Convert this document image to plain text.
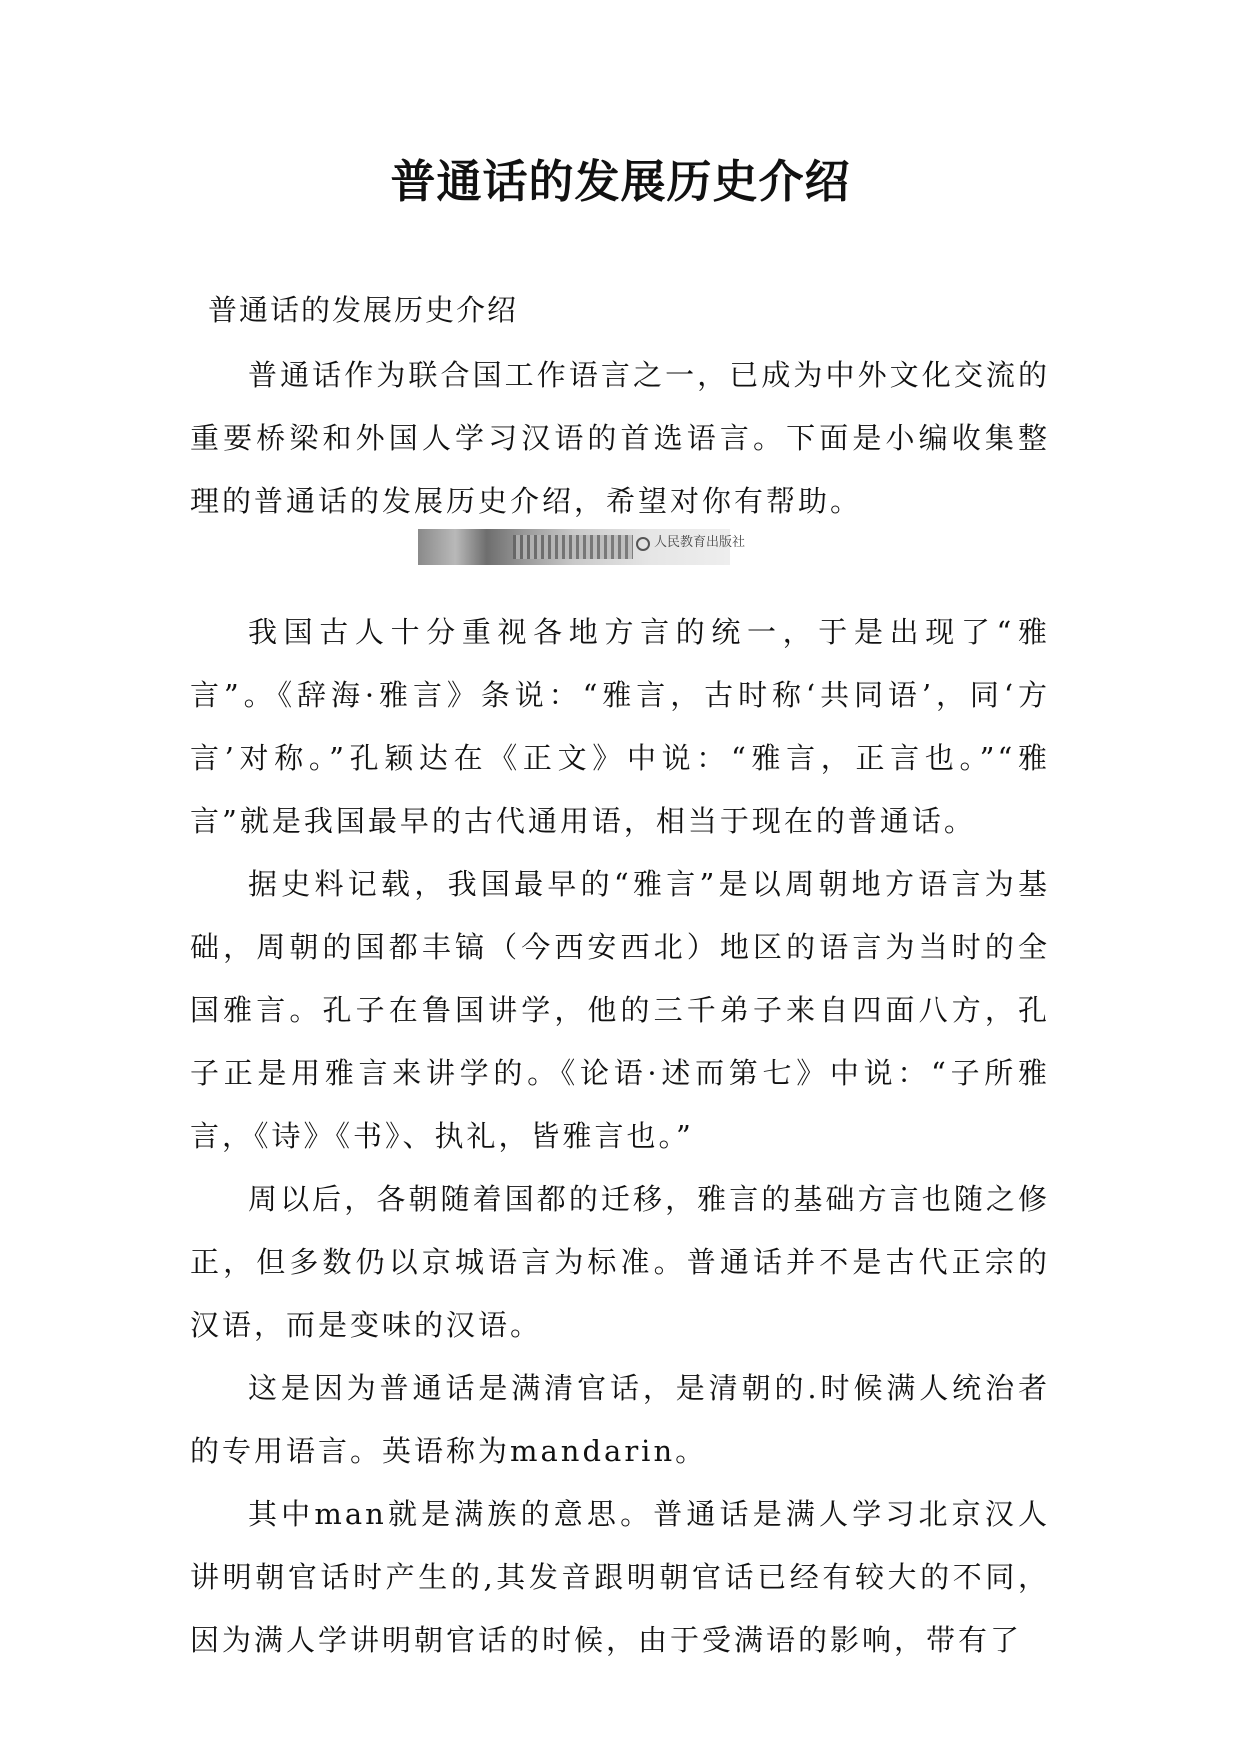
普通话的发展历史介绍

普通话的发展历史介绍

普通话作为联合国工作语言之一，已成为中外文化交流的重要桥梁和外国人学习汉语的首选语言。下面是小编收集整理的普通话的发展历史介绍，希望对你有帮助。

人民教育出版社

我国古人十分重视各地方言的统一，于是出现了“雅言”。《辞海·雅言》条说：“雅言，古时称‘共同语’，同‘方言’对称。”孔颖达在《正文》中说：“雅言，正言也。”“雅言”就是我国最早的古代通用语，相当于现在的普通话。

据史料记载，我国最早的“雅言”是以周朝地方语言为基础，周朝的国都丰镐（今西安西北）地区的语言为当时的全国雅言。孔子在鲁国讲学，他的三千弟子来自四面八方，孔子正是用雅言来讲学的。《论语·述而第七》中说：“子所雅言，《诗》《书》、执礼，皆雅言也。”

周以后，各朝随着国都的迁移，雅言的基础方言也随之修正，但多数仍以京城语言为标准。普通话并不是古代正宗的汉语，而是变味的汉语。

这是因为普通话是满清官话，是清朝的.时候满人统治者的专用语言。英语称为mandarin。

其中man就是满族的意思。普通话是满人学习北京汉人讲明朝官话时产生的,其发音跟明朝官话已经有较大的不同，因为满人学讲明朝官话的时候，由于受满语的影响，带有了
